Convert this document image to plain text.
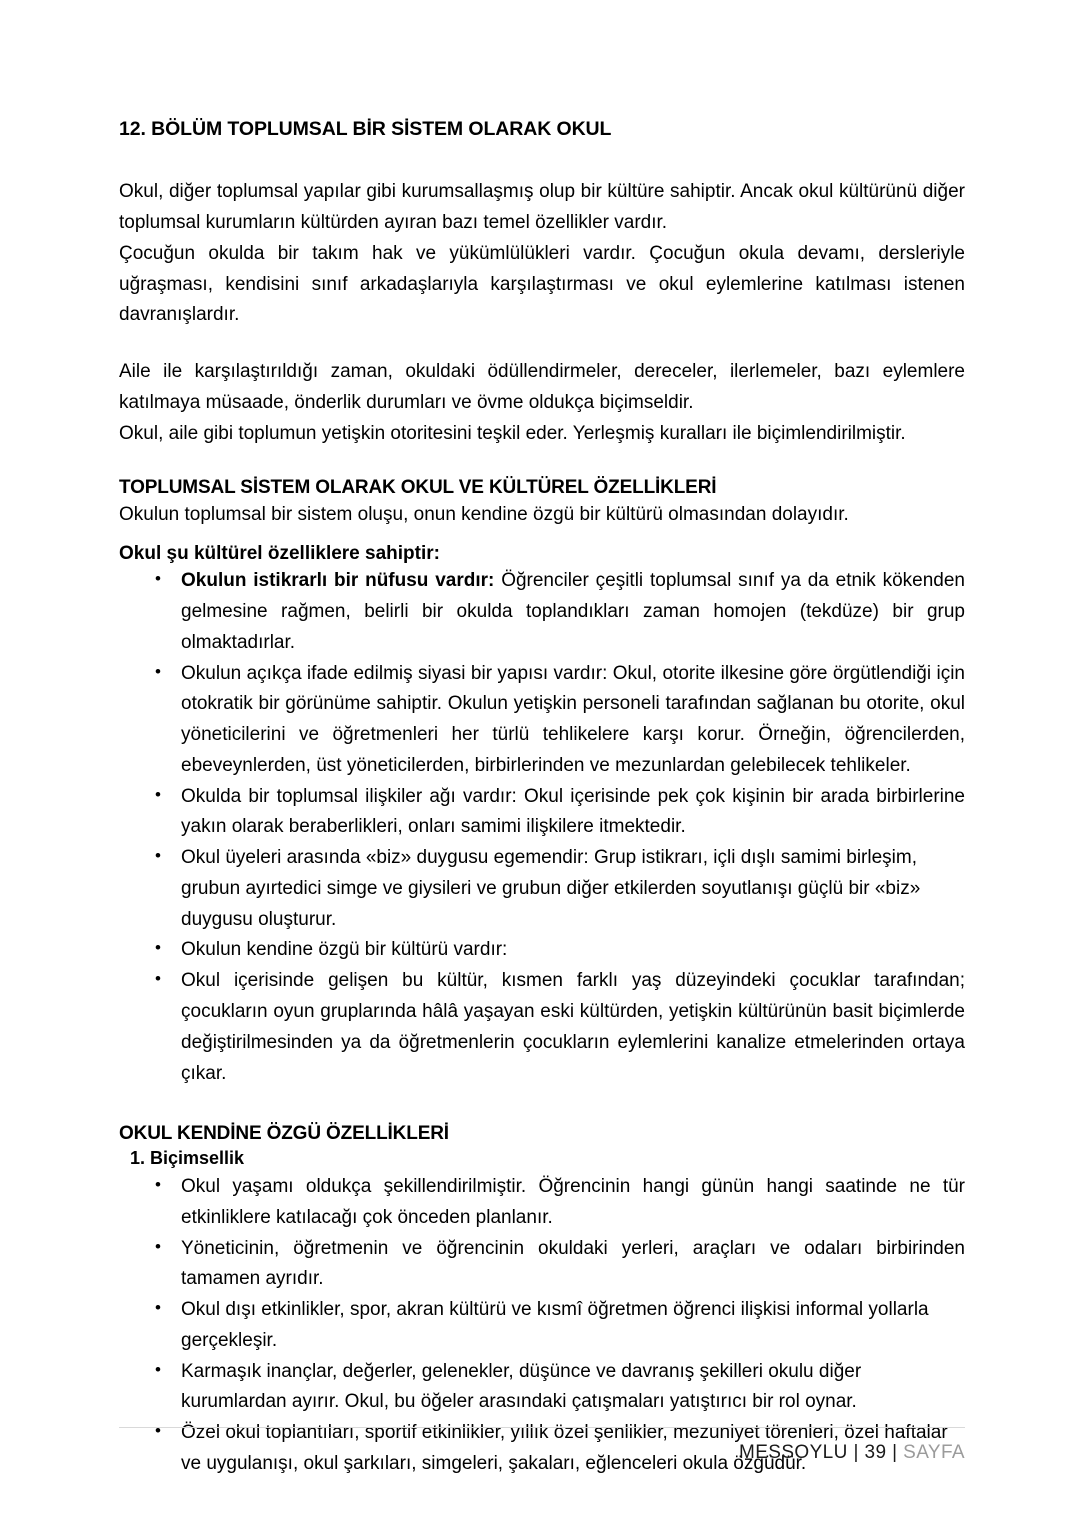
12. BÖLÜM TOPLUMSAL BİR SİSTEM OLARAK OKUL

Okul, diğer toplumsal yapılar gibi kurumsallaşmış olup bir kültüre sahiptir. Ancak okul kültürünü diğer toplumsal kurumların kültürden ayıran bazı temel özellikler vardır.

Çocuğun okulda bir takım hak ve yükümlülükleri vardır. Çocuğun okula devamı, dersleriyle uğraşması, kendisini sınıf arkadaşlarıyla karşılaştırması ve okul eylemlerine katılması istenen davranışlardır.

Aile ile karşılaştırıldığı zaman, okuldaki ödüllendirmeler, dereceler, ilerlemeler, bazı eylemlere katılmaya müsaade, önderlik durumları ve övme oldukça biçimseldir.

Okul, aile gibi toplumun yetişkin otoritesini teşkil eder. Yerleşmiş kuralları ile biçimlendirilmiştir.

TOPLUMSAL SİSTEM OLARAK OKUL VE KÜLTÜREL ÖZELLİKLERİ

Okulun toplumsal bir sistem oluşu, onun kendine özgü bir kültürü olmasından dolayıdır.

Okul şu kültürel özelliklere sahiptir:
• Okulun istikrarlı bir nüfusu vardır: Öğrenciler çeşitli toplumsal sınıf ya da etnik kökenden gelmesine rağmen, belirli bir okulda toplandıkları zaman homojen (tekdüze) bir grup olmaktadırlar.
• Okulun açıkça ifade edilmiş siyasi bir yapısı vardır: Okul, otorite ilkesine göre örgütlendiği için otokratik bir görünüme sahiptir. Okulun yetişkin personeli tarafından sağlanan bu otorite, okul yöneticilerini ve öğretmenleri her türlü tehlikelere karşı korur. Örneğin, öğrencilerden, ebeveynlerden, üst yöneticilerden, birbirlerinden ve mezunlardan gelebilecek tehlikeler.
• Okulda bir toplumsal ilişkiler ağı vardır: Okul içerisinde pek çok kişinin bir arada birbirlerine yakın olarak beraberlikleri, onları samimi ilişkilere itmektedir.
• Okul üyeleri arasında «biz» duygusu egemendir: Grup istikrarı, içli dışlı samimi birleşim, grubun ayırtedici simge ve giysileri ve grubun diğer etkilerden soyutlanışı güçlü bir «biz» duygusu oluşturur.
• Okulun kendine özgü bir kültürü vardır:
• Okul içerisinde gelişen bu kültür, kısmen farklı yaş düzeyindeki çocuklar tarafından; çocukların oyun gruplarında hâlâ yaşayan eski kültürden, yetişkin kültürünün basit biçimlerde değiştirilmesinden ya da öğretmenlerin çocukların eylemlerini kanalize etmelerinden ortaya çıkar.
OKUL KENDİNE ÖZGÜ ÖZELLİKLERİ
1. Biçimsellik
• Okul yaşamı oldukça şekillendirilmiştir. Öğrencinin hangi günün hangi saatinde ne tür etkinliklere katılacağı çok önceden planlanır.
• Yöneticinin, öğretmenin ve öğrencinin okuldaki yerleri, araçları ve odaları birbirinden tamamen ayrıdır.
• Okul dışı etkinlikler, spor, akran kültürü ve kısmî öğretmen öğrenci ilişkisi informal yollarla gerçekleşir.
• Karmaşık inançlar, değerler, gelenekler, düşünce ve davranış şekilleri okulu diğer kurumlardan ayırır. Okul, bu öğeler arasındaki çatışmaları yatıştırıcı bir rol oynar.
• Özel okul toplantıları, sportif etkinlikler, yıllık özel şenlikler, mezuniyet törenleri, özel haftalar ve uygulanışı, okul şarkıları, simgeleri, şakaları, eğlenceleri okula özgüdür.
MESSOYLU | 39 | SAYFA
